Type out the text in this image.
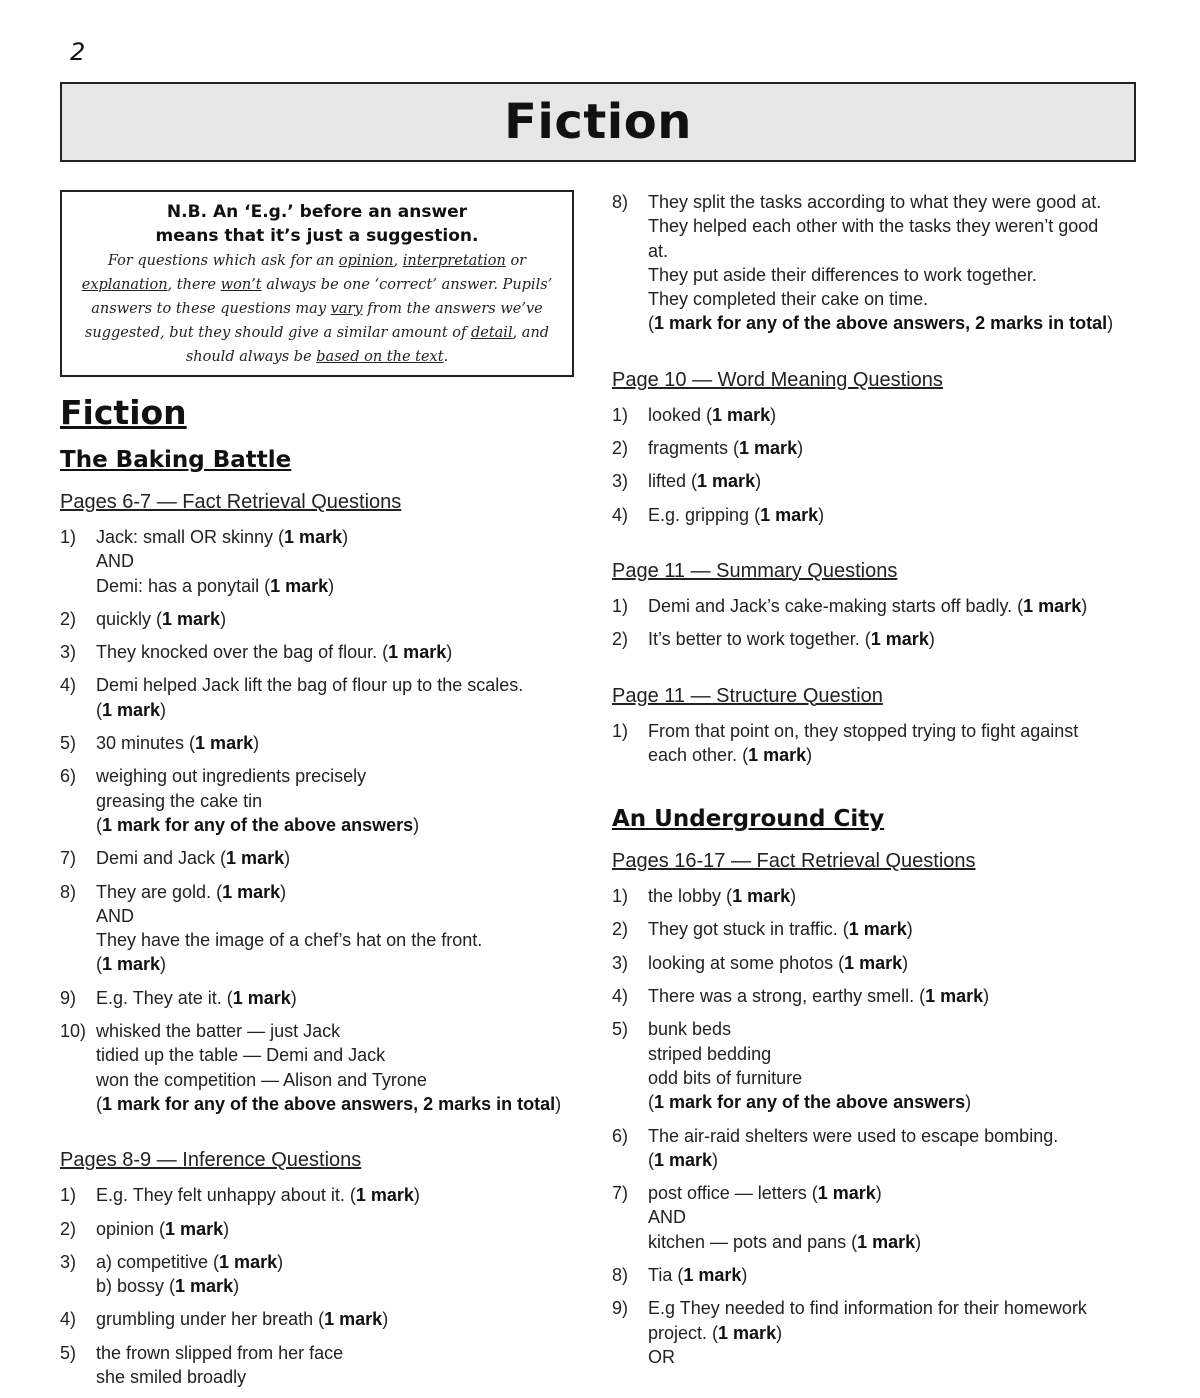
2
Fiction
N.B. An ‘E.g.’ before an answer
means that it’s just a suggestion.
For questions which ask for an opinion, interpretation or explanation, there won’t always be one ‘correct’ answer. Pupils’ answers to these questions may vary from the answers we’ve suggested, but they should give a similar amount of detail, and should always be based on the text.
Fiction
The Baking Battle
Pages 6-7 — Fact Retrieval Questions
1)	Jack: small OR skinny (1 mark)
AND
Demi: has a ponytail (1 mark)
2)	quickly (1 mark)
3)	They knocked over the bag of flour. (1 mark)
4)	Demi helped Jack lift the bag of flour up to the scales.
(1 mark)
5)	30 minutes (1 mark)
6)	weighing out ingredients precisely
greasing the cake tin
(1 mark for any of the above answers)
7)	Demi and Jack (1 mark)
8)	They are gold. (1 mark)
AND
They have the image of a chef’s hat on the front.
(1 mark)
9)	E.g. They ate it. (1 mark)
10) whisked the batter — just Jack
tidied up the table — Demi and Jack
won the competition — Alison and Tyrone
(1 mark for any of the above answers, 2 marks in total)
Pages 8-9 — Inference Questions
1)	E.g. They felt unhappy about it. (1 mark)
2)	opinion (1 mark)
3)	a) competitive (1 mark)
b) bossy (1 mark)
4)	grumbling under her breath (1 mark)
5)	the frown slipped from her face
she smiled broadly
8)	They split the tasks according to what they were good at.
They helped each other with the tasks they weren’t good
at.
They put aside their differences to work together.
They completed their cake on time.
(1 mark for any of the above answers, 2 marks in total)
Page 10 — Word Meaning Questions
1)	looked (1 mark)
2)	fragments (1 mark)
3)	lifted (1 mark)
4)	E.g. gripping (1 mark)
Page 11 — Summary Questions
1)	Demi and Jack’s cake-making starts off badly. (1 mark)
2)	It’s better to work together. (1 mark)
Page 11 — Structure Question
1)	From that point on, they stopped trying to fight against
each other. (1 mark)
An Underground City
Pages 16-17 — Fact Retrieval Questions
1)	the lobby (1 mark)
2)	They got stuck in traffic. (1 mark)
3)	looking at some photos (1 mark)
4)	There was a strong, earthy smell. (1 mark)
5)	bunk beds
striped bedding
odd bits of furniture
(1 mark for any of the above answers)
6)	The air-raid shelters were used to escape bombing.
(1 mark)
7)	post office — letters (1 mark)
AND
kitchen — pots and pans (1 mark)
8)	Tia (1 mark)
9)	E.g They needed to find information for their homework
project. (1 mark)
OR
